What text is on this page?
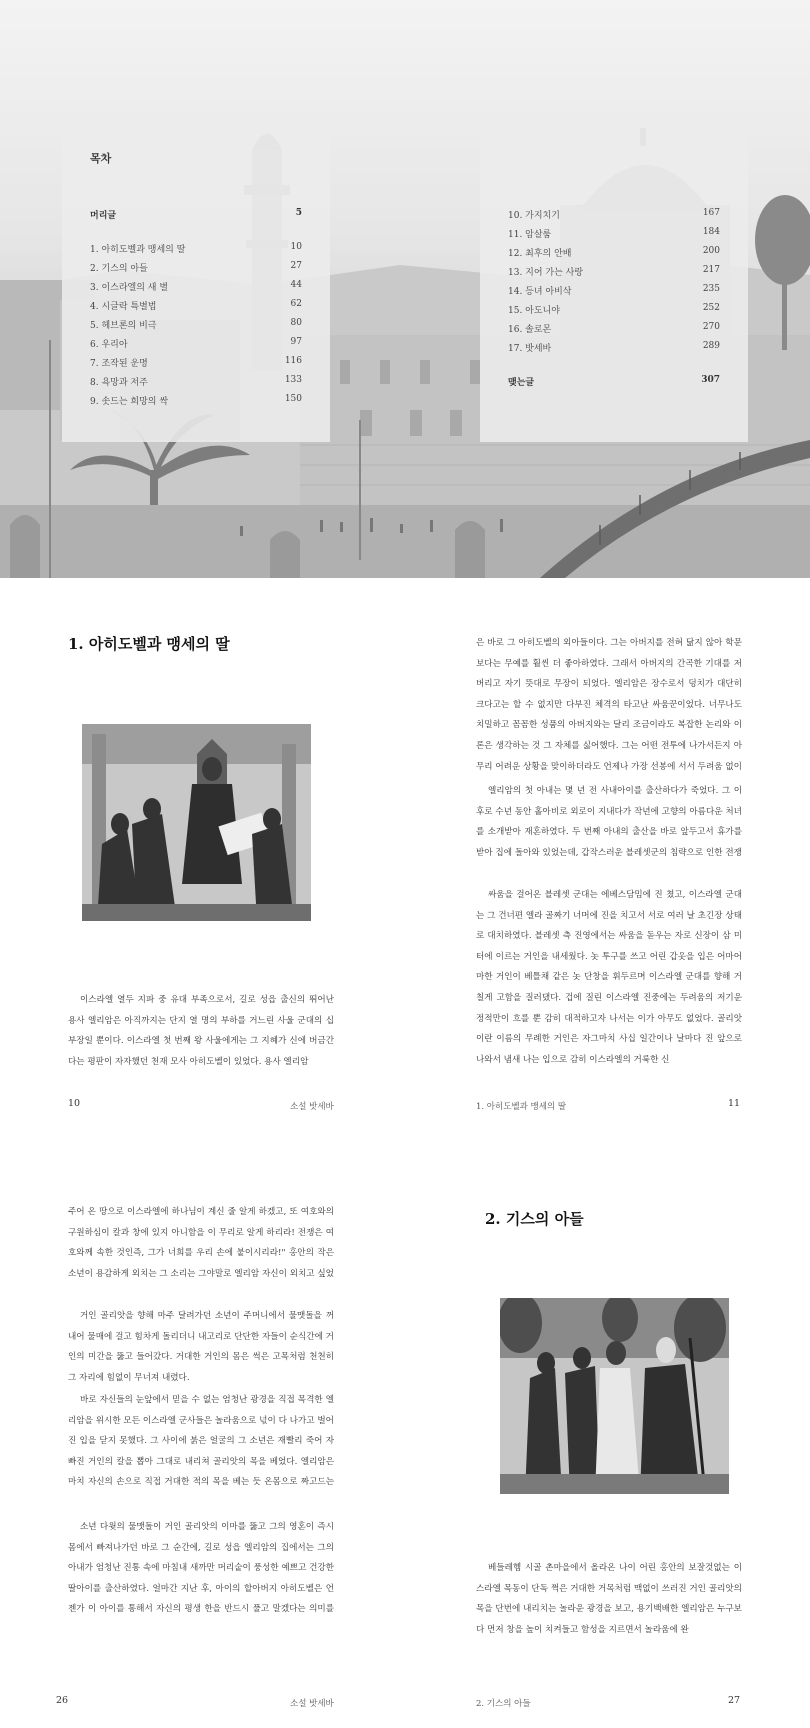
목차
머리글	5
1. 아히도벨과 맹세의 딸	10
2. 기스의 아들	27
3. 이스라엘의 새 별	44
4. 시글락 특별법	62
5. 헤브론의 비극	80
6. 우리아	97
7. 조작된 운명	116
8. 욕망과 저주	133
9. 솟드는 희망의 싹	150
10. 가지치기	167
11. 암살룸	184
12. 최후의 안배	200
13. 지어 가는 사랑	217
14. 등녀 아비삭	235
15. 아도니야	252
16. 솔로몬	270
17. 밧세바	289
맺는글	307
1. 아히도벨과 맹세의 딸

이스라엘 열두 지파 중 유대 부족으로서, 길로 성읍 출신의 뛰어난 용사 엘리암은 아직까지는 단지 열 명의 부하를 거느린 사울 군대의 십부장일 뿐이다. 이스라엘 첫 번째 왕 사울에게는 그 지혜가 신에 버금간다는 평판이 자자했던 천재 모사 아히도벨이 있었다. 용사 엘리암

10	소설 밧세바

은 바로 그 아히도벨의 외아들이다. 그는 아버지를 전혀 닮지 않아 학문보다는 무예를 훨씬 더 좋아하였다. 그래서 아버지의 간곡한 기대를 저버리고 자기 뜻대로 무장이 되었다. 엘리암은 장수로서 덩치가 대단히 크다고는 할 수 없지만 다부진 체격의 타고난 싸움꾼이었다. 너무나도 치밀하고 꼼꼼한 성품의 아버지와는 달리 조금이라도 복잡한 논리와 이론은 생각하는 것 그 자체를 싫어했다. 그는 어떤 전투에 나가서든지 아무리 어려운 상황을 맞이하더라도 언제나 가장 선봉에 서서 두려움 없이

엘리암의 첫 아내는 몇 년 전 사내아이를 출산하다가 죽었다. 그 이후로 수년 동안 홀아비로 외로이 지내다가 작년에 고향의 아름다운 처녀를 소개받아 재혼하였다. 두 번째 아내의 출산을 바로 앞두고서 휴가를 받아 집에 돌아와 있었는데, 갑작스러운 블레셋군의 침략으로 인한 전쟁

싸움을 걸어온 블레셋 군대는 에베스담밈에 진 쳤고, 이스라엘 군대는 그 건너편 엘라 골짜기 너머에 진을 치고서 서로 여러 날 초긴장 상태로 대치하였다. 블레셋 측 진영에서는 싸움을 돋우는 자로 신장이 삼 미터에 이르는 거인을 내세웠다. 놋 투구를 쓰고 어린 갑옷을 입은 어마어마한 거인이 베틀채 같은 놋 단창을 휘두르며 이스라엘 군대를 향해 거칠게 고함을 질러댔다. 겁에 질린 이스라엘 진중에는 두려움의 저기운 정적만이 흐를 뿐 감히 대적하고자 나서는 이가 아무도 없었다. 골리앗이란 이름의 무례한 거인은 자그마치 사십 일간이나 날마다 진 앞으로 나와서 냄새 나는 입으로 감히 이스라엘의 거룩한 신

1. 아히도벨과 맹세의 딸	11

주어 온 땅으로 이스라엘에 하나님이 계신 줄 알게 하겠고, 또 여호와의 구원하심이 칼과 창에 있지 아니함을 이 무리로 알게 하리라! 전쟁은 여호와께 속한 것인즉, 그가 너희를 우리 손에 붙이시리라!" 홍안의 작은 소년이 용감하게 외치는 그 소리는 그야말로 엘리암 자신이 외치고 싶었

거인 골리앗을 향해 마주 달려가던 소년이 주머니에서 물맷돌을 꺼내어 물매에 걸고 힘차게 돌리더니 내고리로 단단한 자들이 순식간에 거인의 미간을 뚫고 들어갔다. 거대한 거인의 몸은 썩은 고목처럼 천천히 그 자리에 힘없이 무너져 내렸다.

바로 자신들의 눈앞에서 믿을 수 없는 엄청난 광경을 직접 목격한 엘리암을 위시한 모든 이스라엘 군사들은 놀라움으로 넋이 다 나가고 벌어진 입을 닫지 못했다. 그 사이에 붉은 얼굴의 그 소년은 재빨리 죽어 자빠진 거인의 칼을 뽑아 그대로 내리쳐 골리앗의 목을 베었다. 엘리암은 마치 자신의 손으로 직접 거대한 적의 목을 베는 듯 온몸으로 짜고드는

소년 다윗의 물맷돌이 거인 골리앗의 이마를 뚫고 그의 영혼이 즉시 몸에서 빠져나가던 바로 그 순간에, 길로 성읍 엘리암의 집에서는 그의 아내가 엄청난 진통 속에 마침내 새까만 머리숱이 풍성한 예쁘고 건강한 딸아이를 출산하였다. 얼마간 지난 후, 아이의 할아버지 아히도벨은 언젠가 이 아이를 통해서 자신의 평생 한을 반드시 풀고 말겠다는 의미를

26	소설 밧세바
2. 기스의 아들

베들레헴 시골 촌마을에서 올라온 나이 어린 홍안의 보잘것없는 이스라엘 목동이 단독 쩍은 거대한 거목처럼 맥없이 쓰러진 거인 골리앗의 목을 단번에 내리치는 놀라운 광경을 보고, 용기백배한 엘리암은 누구보다 먼저 창을 높이 치켜들고 함성을 지르면서 놀라움에 완

2. 기스의 아들	27
